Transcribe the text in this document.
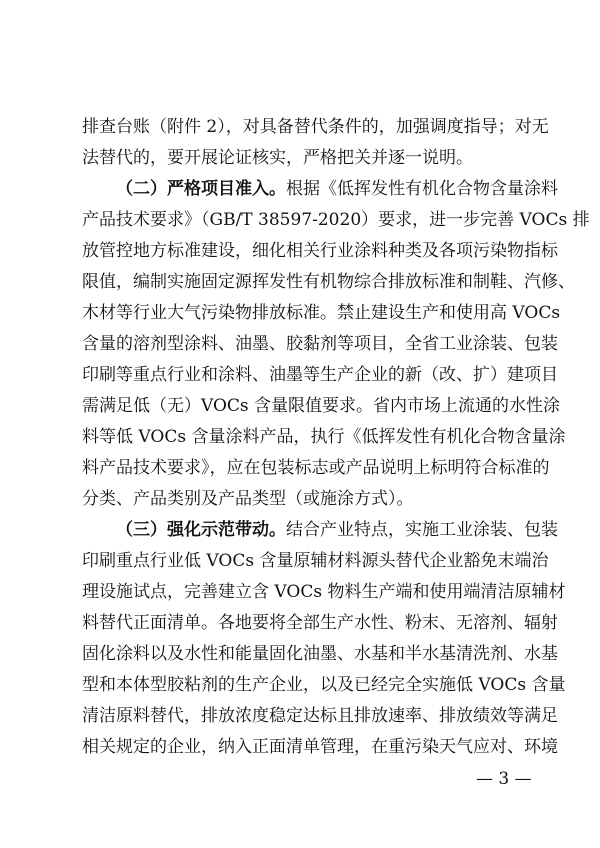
排查台账（附件 2），对具备替代条件的，加强调度指导；对无
法替代的，要开展论证核实，严格把关并逐一说明。
（二）严格项目准入。根据《低挥发性有机化合物含量涂料
产品技术要求》（GB/T 38597-2020）要求，进一步完善 VOCs 排
放管控地方标准建设，细化相关行业涂料种类及各项污染物指标
限值，编制实施固定源挥发性有机物综合排放标准和制鞋、汽修、
木材等行业大气污染物排放标准。禁止建设生产和使用高 VOCs
含量的溶剂型涂料、油墨、胶黏剂等项目，全省工业涂装、包装
印刷等重点行业和涂料、油墨等生产企业的新（改、扩）建项目
需满足低（无）VOCs 含量限值要求。省内市场上流通的水性涂
料等低 VOCs 含量涂料产品，执行《低挥发性有机化合物含量涂
料产品技术要求》，应在包装标志或产品说明上标明符合标准的
分类、产品类别及产品类型（或施涂方式）。
（三）强化示范带动。结合产业特点，实施工业涂装、包装
印刷重点行业低 VOCs 含量原辅材料源头替代企业豁免末端治
理设施试点，完善建立含 VOCs 物料生产端和使用端清洁原辅材
料替代正面清单。各地要将全部生产水性、粉末、无溶剂、辐射
固化涂料以及水性和能量固化油墨、水基和半水基清洗剂、水基
型和本体型胶粘剂的生产企业，以及已经完全实施低 VOCs 含量
清洁原料替代，排放浓度稳定达标且排放速率、排放绩效等满足
相关规定的企业，纳入正面清单管理，在重污染天气应对、环境
— 3 —
